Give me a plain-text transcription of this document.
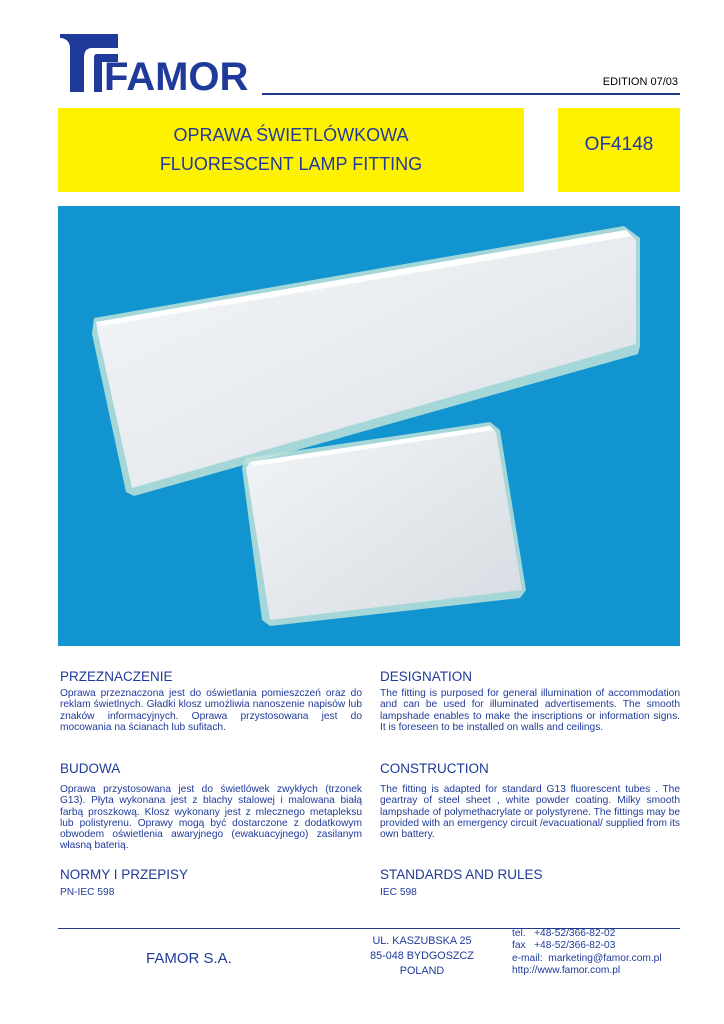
FAMOR	EDITION 07/03
OPRAWA ŚWIETLÓWKOWA
FLUORESCENT LAMP FITTING
OF4148
PRZEZNACZENIE
Oprawa przeznaczona jest do oświetlania pomieszczeń oraz do reklam świetlnych. Gładki klosz umożliwia nanoszenie napisów lub znaków informacyjnych. Oprawa przystosowana jest do mocowania na ścianach lub sufitach.
DESIGNATION
The fitting is purposed for general illumination of accommodation and can be used for illuminated advertisements. The smooth lampshade enables to make the inscriptions or information signs. It is foreseen to be installed on walls and ceilings.
BUDOWA
Oprawa przystosowana jest do świetlówek zwykłych (trzonek G13). Płyta wykonana jest z blachy stalowej i malowana białą farbą proszkową. Klosz wykonany jest z mlecznego metapleksu lub polistyrenu. Oprawy mogą być dostarczone z dodatkowym obwodem oświetlenia awaryjnego (ewakuacyjnego) zasilanym własną baterią.
CONSTRUCTION
The fitting is adapted for standard G13 fluorescent tubes . The geartray of steel sheet , white powder coating. Milky smooth lampshade of polymethacrylate or polystyrene. The fittings may be provided with an emergency circuit /evacuational/ supplied from its own battery.
NORMY I PRZEPISY
PN-IEC 598
STANDARDS AND RULES
IEC 598
FAMOR S.A.
UL. KASZUBSKA 25
85-048 BYDGOSZCZ
POLAND
tel.   +48-52/366-82-02
fax   +48-52/366-82-03
e-mail:  marketing@famor.com.pl
http://www.famor.com.pl
